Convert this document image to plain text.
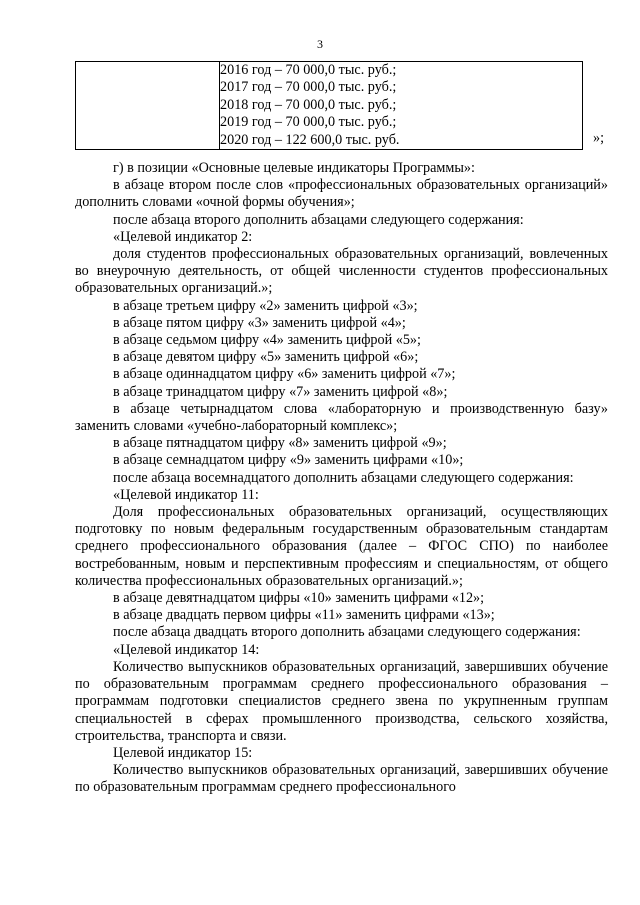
3

2016 год – 70 000,0 тыс. руб.;
2017 год – 70 000,0 тыс. руб.;
2018 год – 70 000,0 тыс. руб.;
2019 год – 70 000,0 тыс. руб.;
2020 год – 122 600,0 тыс. руб.	»;

г) в позиции «Основные целевые индикаторы Программы»:

в абзаце втором после слов «профессиональных образовательных организаций» дополнить словами «очной формы обучения»;

после абзаца второго дополнить абзацами следующего содержания:

«Целевой индикатор 2:

доля студентов профессиональных образовательных организаций, вовлеченных во внеурочную деятельность, от общей численности студентов профессиональных образовательных организаций.»;

в абзаце третьем цифру «2» заменить цифрой «3»;

в абзаце пятом цифру «3» заменить цифрой «4»;

в абзаце седьмом цифру «4» заменить цифрой «5»;

в абзаце девятом цифру «5» заменить цифрой «6»;

в абзаце одиннадцатом цифру «6» заменить цифрой «7»;

в абзаце тринадцатом цифру «7» заменить цифрой «8»;

в абзаце четырнадцатом слова «лабораторную и производственную базу» заменить словами «учебно-лабораторный комплекс»;

в абзаце пятнадцатом цифру «8» заменить цифрой «9»;

в абзаце семнадцатом цифру «9» заменить цифрами «10»;

после абзаца восемнадцатого дополнить абзацами следующего содержания:

«Целевой индикатор 11:

Доля профессиональных образовательных организаций, осуществляющих подготовку по новым федеральным государственным образовательным стандартам среднего профессионального образования (далее – ФГОС СПО) по наиболее востребованным, новым и перспективным профессиям и специальностям, от общего количества профессиональных образовательных организаций.»;

в абзаце девятнадцатом цифры «10» заменить цифрами «12»;

в абзаце двадцать первом цифры «11» заменить цифрами «13»;

после абзаца двадцать второго дополнить абзацами следующего содержания:

«Целевой индикатор 14:

Количество выпускников образовательных организаций, завершивших обучение по образовательным программам среднего профессионального образования – программам подготовки специалистов среднего звена по укрупненным группам специальностей в сферах промышленного производства, сельского хозяйства, строительства, транспорта и связи.

Целевой индикатор 15:

Количество выпускников образовательных организаций, завершивших обучение по образовательным программам среднего профессионального
